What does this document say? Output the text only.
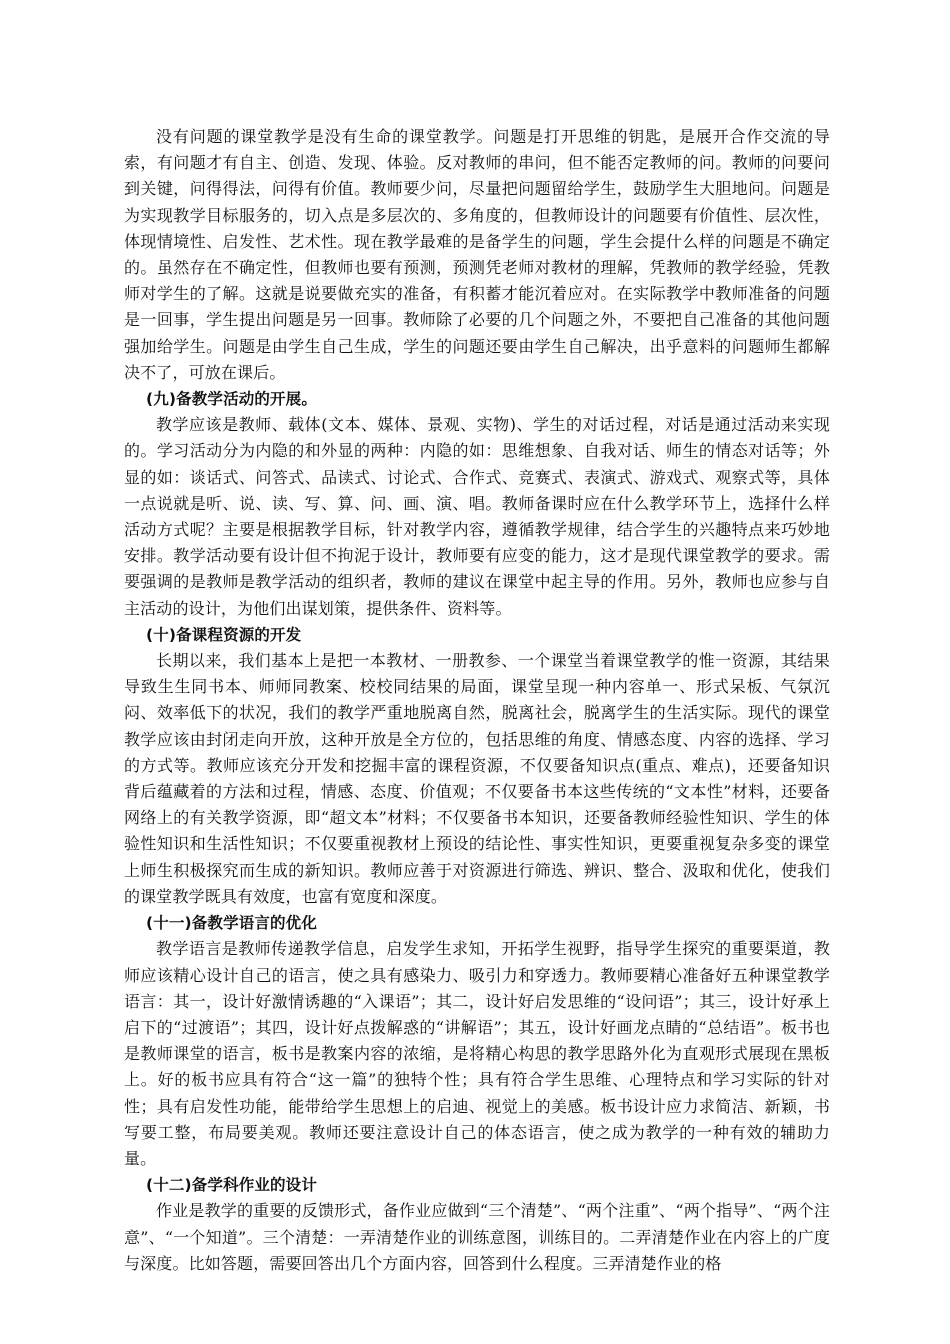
没有问题的课堂教学是没有生命的课堂教学。问题是打开思维的钥匙，是展开合作交流的导索，有问题才有自主、创造、发现、体验。反对教师的串问，但不能否定教师的问。教师的问要问到关键，问得得法，问得有价值。教师要少问，尽量把问题留给学生，鼓励学生大胆地问。问题是为实现教学目标服务的，切入点是多层次的、多角度的，但教师设计的问题要有价值性、层次性，体现情境性、启发性、艺术性。现在教学最难的是备学生的问题，学生会提什么样的问题是不确定的。虽然存在不确定性，但教师也要有预测，预测凭老师对教材的理解，凭教师的教学经验，凭教师对学生的了解。这就是说要做充实的准备，有积蓄才能沉着应对。在实际教学中教师准备的问题是一回事，学生提出问题是另一回事。教师除了必要的几个问题之外，不要把自己准备的其他问题强加给学生。问题是由学生自己生成，学生的问题还要由学生自己解决，出乎意料的问题师生都解决不了，可放在课后。

(九)备教学活动的开展。

教学应该是教师、载体(文本、媒体、景观、实物)、学生的对话过程，对话是通过活动来实现的。学习活动分为内隐的和外显的两种：内隐的如：思维想象、自我对话、师生的情态对话等；外显的如：谈话式、问答式、品读式、讨论式、合作式、竞赛式、表演式、游戏式、观察式等，具体一点说就是听、说、读、写、算、问、画、演、唱。教师备课时应在什么教学环节上，选择什么样活动方式呢？主要是根据教学目标，针对教学内容，遵循教学规律，结合学生的兴趣特点来巧妙地安排。教学活动要有设计但不拘泥于设计，教师要有应变的能力，这才是现代课堂教学的要求。需要强调的是教师是教学活动的组织者，教师的建议在课堂中起主导的作用。另外，教师也应参与自主活动的设计，为他们出谋划策，提供条件、资料等。

(十)备课程资源的开发

长期以来，我们基本上是把一本教材、一册教参、一个课堂当着课堂教学的惟一资源，其结果导致生生同书本、师师同教案、校校同结果的局面，课堂呈现一种内容单一、形式呆板、气氛沉闷、效率低下的状况，我们的教学严重地脱离自然，脱离社会，脱离学生的生活实际。现代的课堂教学应该由封闭走向开放，这种开放是全方位的，包括思维的角度、情感态度、内容的选择、学习的方式等。教师应该充分开发和挖掘丰富的课程资源，不仅要备知识点(重点、难点)，还要备知识背后蕴藏着的方法和过程，情感、态度、价值观；不仅要备书本这些传统的“文本性”材料，还要备网络上的有关教学资源，即“超文本”材料；不仅要备书本知识，还要备教师经验性知识、学生的体验性知识和生活性知识；不仅要重视教材上预设的结论性、事实性知识，更要重视复杂多变的课堂上师生积极探究而生成的新知识。教师应善于对资源进行筛选、辨识、整合、汲取和优化，使我们的课堂教学既具有效度，也富有宽度和深度。

(十一)备教学语言的优化

教学语言是教师传递教学信息，启发学生求知，开拓学生视野，指导学生探究的重要渠道，教师应该精心设计自己的语言，使之具有感染力、吸引力和穿透力。教师要精心准备好五种课堂教学语言：其一，设计好激情诱趣的“入课语”；其二，设计好启发思维的“设问语”；其三，设计好承上启下的“过渡语”；其四，设计好点拨解惑的“讲解语”；其五，设计好画龙点睛的“总结语”。板书也是教师课堂的语言，板书是教案内容的浓缩，是将精心构思的教学思路外化为直观形式展现在黑板上。好的板书应具有符合“这一篇”的独特个性；具有符合学生思维、心理特点和学习实际的针对性；具有启发性功能，能带给学生思想上的启迪、视觉上的美感。板书设计应力求简洁、新颖，书写要工整，布局要美观。教师还要注意设计自己的体态语言，使之成为教学的一种有效的辅助力量。

(十二)备学科作业的设计

作业是教学的重要的反馈形式，备作业应做到“三个清楚”、“两个注重”、“两个指导”、“两个注意”、“一个知道”。三个清楚：一弄清楚作业的训练意图，训练目的。二弄清楚作业在内容上的广度与深度。比如答题，需要回答出几个方面内容，回答到什么程度。三弄清楚作业的格
